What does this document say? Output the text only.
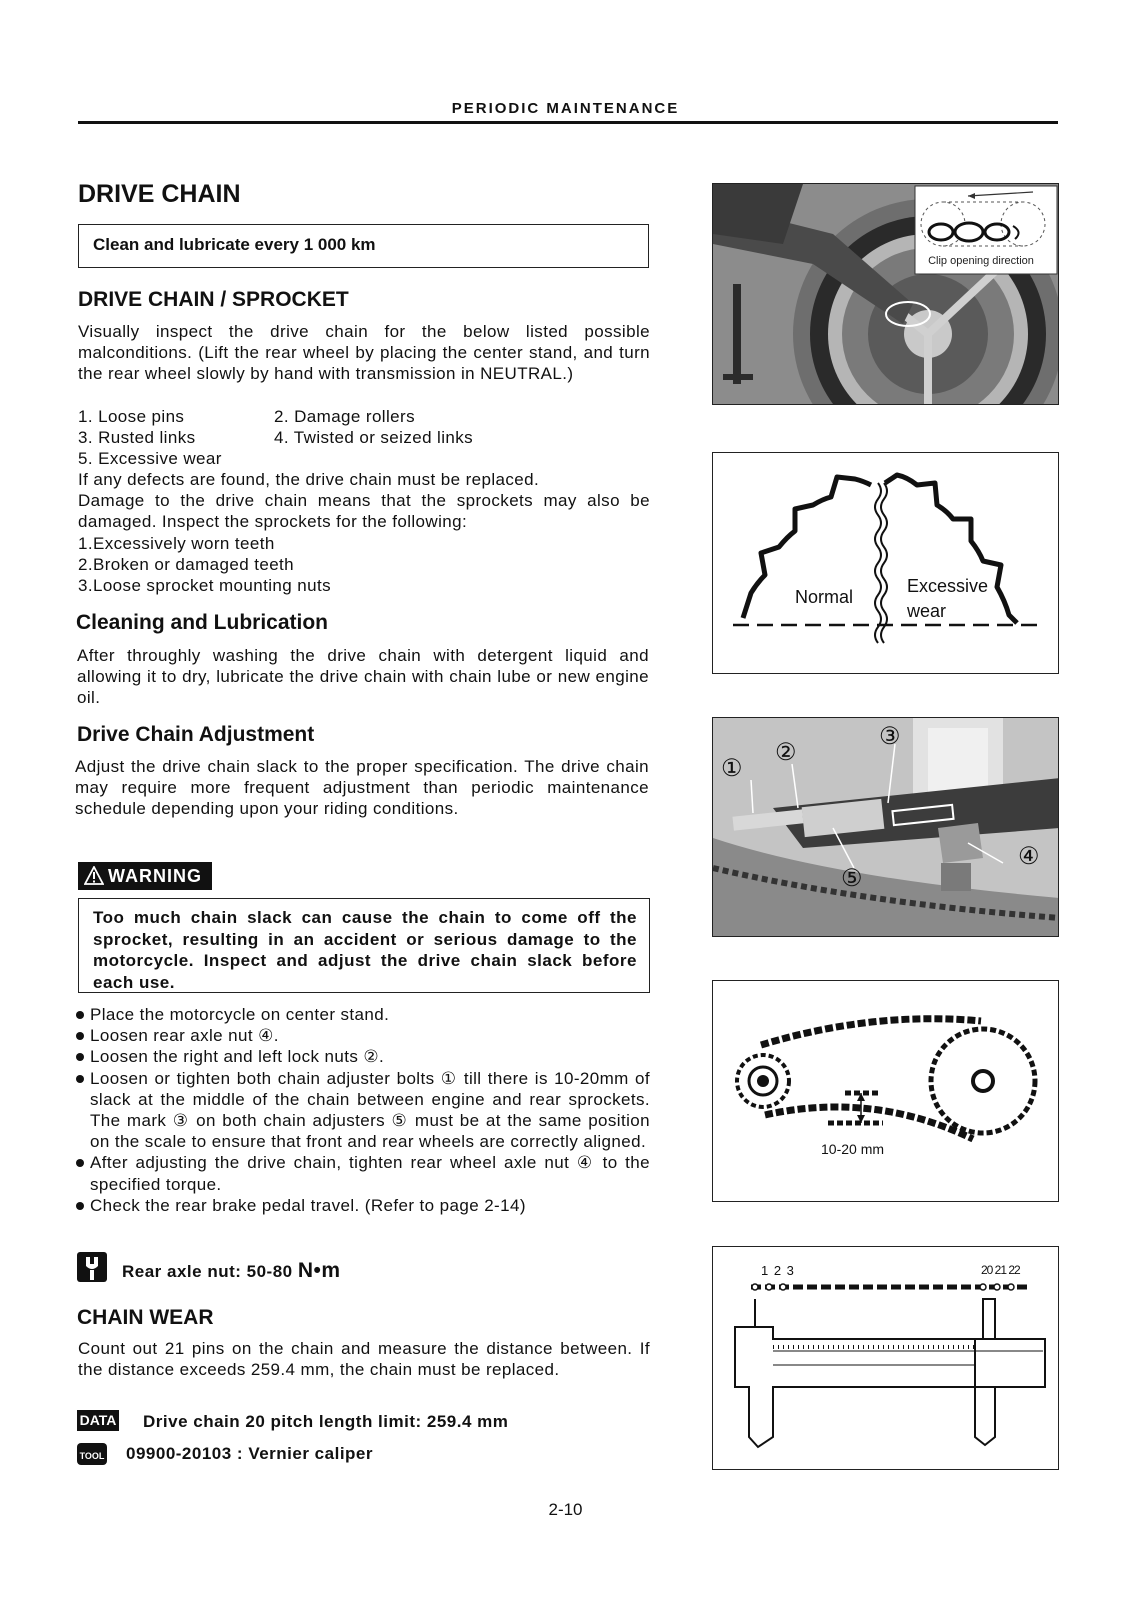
PERIODIC MAINTENANCE
DRIVE CHAIN
Clean and lubricate every 1 000 km
DRIVE CHAIN / SPROCKET
Visually inspect the drive chain for the below listed possible malconditions. (Lift the rear wheel by placing the center stand, and turn the rear wheel slowly by hand with transmission in NEUTRAL.)
1. Loose pins	2. Damage rollers
3. Rusted links	4. Twisted or seized links
5. Excessive wear
If any defects are found, the drive chain must be replaced.
Damage to the drive chain means that the sprockets may also be damaged. Inspect the sprockets for the following:
1.Excessively worn teeth
2.Broken or damaged teeth
3.Loose sprocket mounting nuts
Cleaning and Lubrication
After throughly washing the drive chain with detergent liquid and allowing it to dry, lubricate the drive chain with chain lube or new engine oil.
Drive Chain Adjustment
Adjust the drive chain slack to the proper specification. The drive chain may require more frequent adjustment than periodic maintenance schedule depending upon your riding conditions.
WARNING
Too much chain slack can cause the chain to come off the sprocket, resulting in an accident or serious damage to the motorcycle. Inspect and adjust the drive chain slack before each use.
Place the motorcycle on center stand.
Loosen rear axle nut ④.
Loosen the right and left lock nuts ②.
Loosen or tighten both chain adjuster bolts ① till there is 10-20mm of slack at the middle of the chain between engine and rear sprockets. The mark ③ on both chain adjusters ⑤ must be at the same position on the scale to ensure that front and rear wheels are correctly aligned.
After adjusting the drive chain, tighten rear wheel axle nut ④ to the specified torque.
Check the rear brake pedal travel. (Refer to page 2-14)
Rear axle nut: 50-80 N•m
CHAIN WEAR
Count out 21 pins on the chain and measure the distance between. If the distance exceeds 259.4 mm, the chain must be replaced.
DATA Drive chain 20 pitch length limit: 259.4 mm
TOOL 09900-20103 : Vernier caliper
Clip opening direction
Normal
Excessive
wear
①
②
③
④
⑤
10-20 mm
1 2 3	20 21 22
2-10
